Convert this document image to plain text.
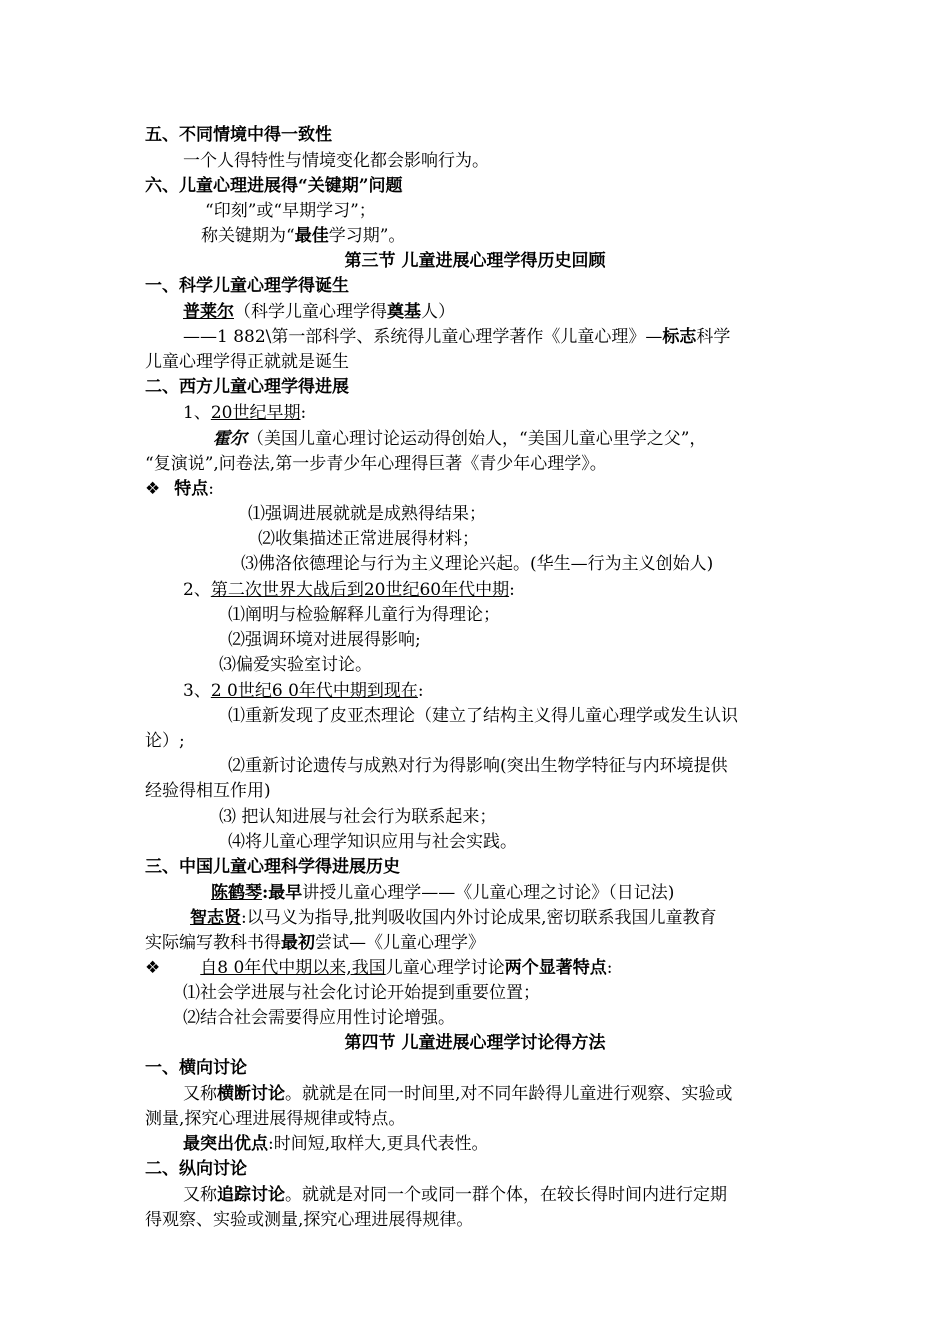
五、不同情境中得一致性
一个人得特性与情境变化都会影响行为。
六、儿童心理进展得“关键期”问题
“印刻”或“早期学习”；
称关键期为“最佳学习期”。
第三节 儿童进展心理学得历史回顾
一、科学儿童心理学得诞生
普莱尔（科学儿童心理学得奠基人）
——1 882\第一部科学、系统得儿童心理学著作《儿童心理》—标志科学
儿童心理学得正就就是诞生
二、西方儿童心理学得进展
1、20世纪早期:
霍尔（美国儿童心理讨论运动得创始人，“美国儿童心里学之父”，
“复演说”,问卷法,第一步青少年心理得巨著《青少年心理学》。
❖ 特点:
⑴强调进展就就是成熟得结果；
⑵收集描述正常进展得材料；
⑶佛洛依德理论与行为主义理论兴起。(华生—行为主义创始人)
2、第二次世界大战后到20世纪60年代中期:
⑴阐明与检验解释儿童行为得理论；
⑵强调环境对进展得影响;
⑶偏爱实验室讨论。
3、2 0世纪6 0年代中期到现在:
⑴重新发现了皮亚杰理论（建立了结构主义得儿童心理学或发生认识
论）;
⑵重新讨论遗传与成熟对行为得影响(突出生物学特征与内环境提供
经验得相互作用)
⑶ 把认知进展与社会行为联系起来；
⑷将儿童心理学知识应用与社会实践。
三、中国儿童心理科学得进展历史
陈鹤琴:最早讲授儿童心理学——《儿童心理之讨论》（日记法)
智志贤:以马义为指导,批判吸收国内外讨论成果,密切联系我国儿童教育
实际编写教科书得最初尝试—《儿童心理学》
❖ 自8 0年代中期以来,我国儿童心理学讨论两个显著特点:
⑴社会学进展与社会化讨论开始提到重要位置；
⑵结合社会需要得应用性讨论增强。
第四节 儿童进展心理学讨论得方法
一、横向讨论
又称横断讨论。就就是在同一时间里,对不同年龄得儿童进行观察、实验或
测量,探究心理进展得规律或特点。
最突出优点:时间短,取样大,更具代表性。
二、纵向讨论
又称追踪讨论。就就是对同一个或同一群个体，在较长得时间内进行定期
得观察、实验或测量,探究心理进展得规律。
